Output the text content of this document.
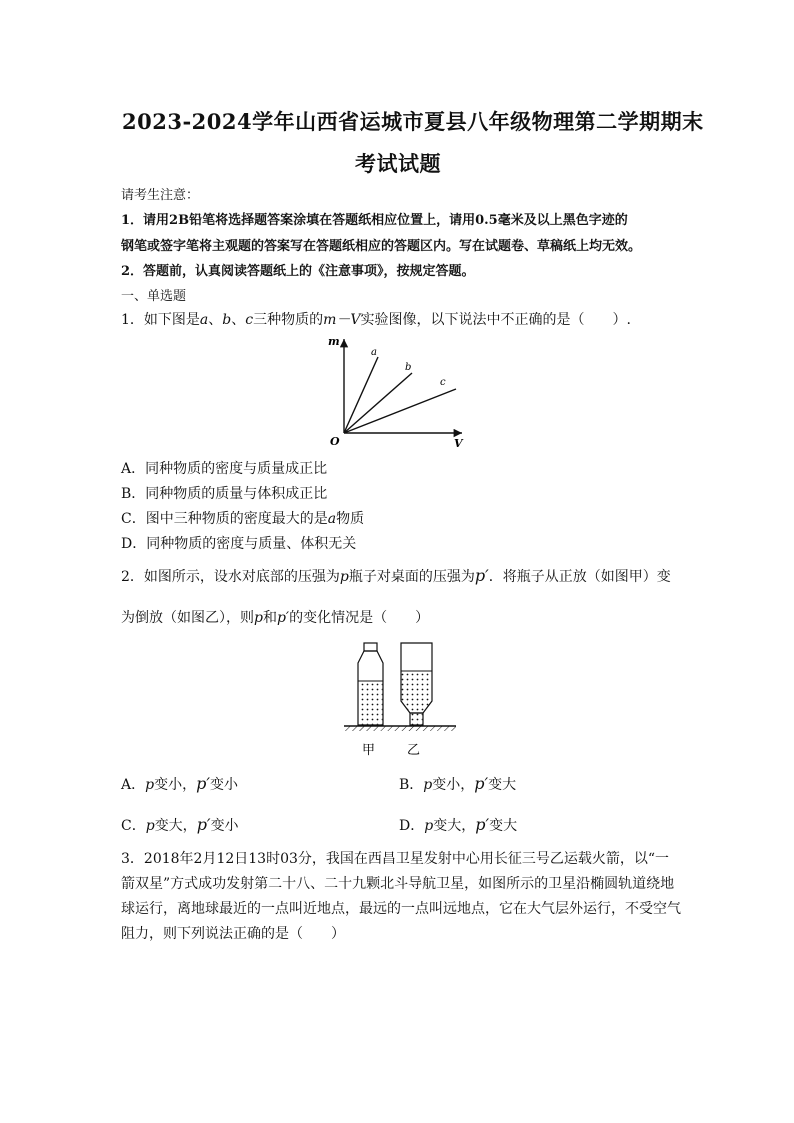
2023-2024学年山西省运城市夏县八年级物理第二学期期末
考试试题
请考生注意：
1．请用2B铅笔将选择题答案涂填在答题纸相应位置上，请用0.5毫米及以上黑色字迹的
钢笔或签字笔将主观题的答案写在答题纸相应的答题区内。写在试题卷、草稿纸上均无效。
2．答题前，认真阅读答题纸上的《注意事项》，按规定答题。
一、单选题
1．如下图是a、b、c三种物质的m－V实验图像，以下说法中不正确的是（　　）.
m
V
O
a
b
c
A．同种物质的密度与质量成正比
B．同种物质的质量与体积成正比
C．图中三种物质的密度最大的是a物质
D．同种物质的密度与质量、体积无关
2．如图所示，设水对底部的压强为p瓶子对桌面的压强为p′．将瓶子从正放（如图甲）变
为倒放（如图乙），则p和p′的变化情况是（　　）
甲 乙
A．p变小，p′变小	B．p变小，p′变大
C．p变大，p′变小	D．p变大，p′变大
3．2018年2月12日13时03分，我国在西昌卫星发射中心用长征三号乙运载火箭，以“一
箭双星”方式成功发射第二十八、二十九颗北斗导航卫星，如图所示的卫星沿椭圆轨道绕地
球运行，离地球最近的一点叫近地点，最远的一点叫远地点，它在大气层外运行，不受空气
阻力，则下列说法正确的是（　　）
